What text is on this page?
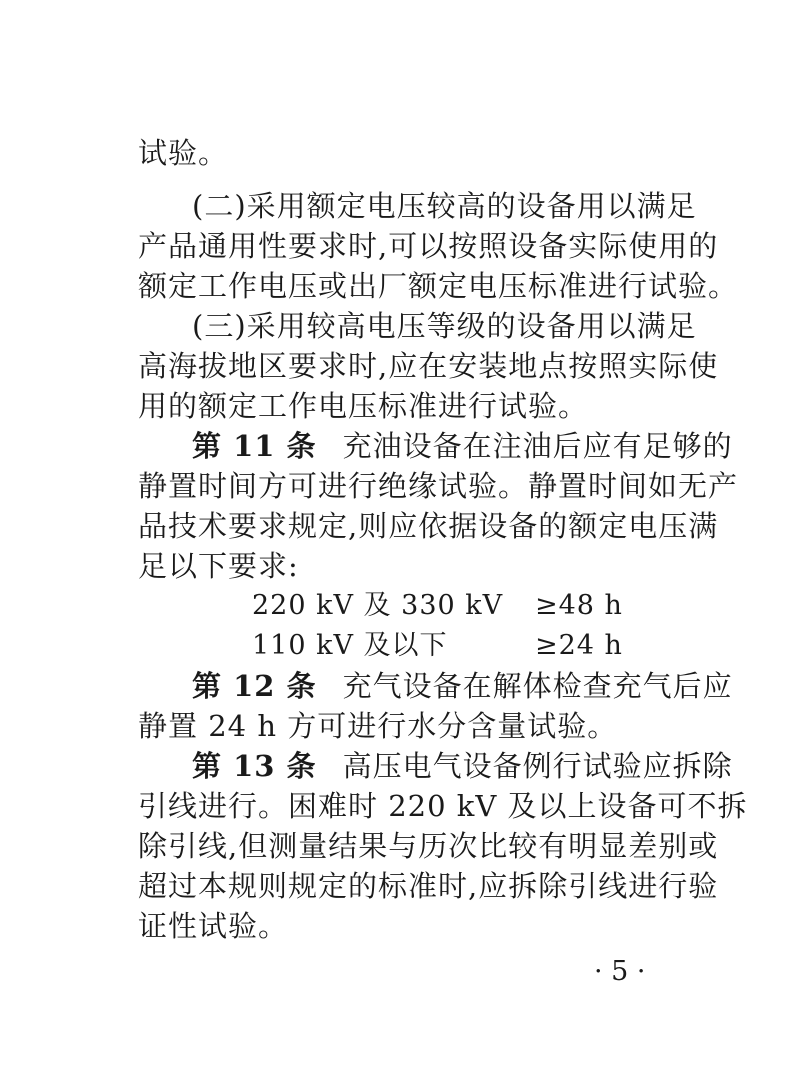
试验。
(二)采用额定电压较高的设备用以满足
产品通用性要求时,可以按照设备实际使用的
额定工作电压或出厂额定电压标准进行试验。
(三)采用较高电压等级的设备用以满足
高海拔地区要求时,应在安装地点按照实际使
用的额定工作电压标准进行试验。
第 11 条 充油设备在注油后应有足够的
静置时间方可进行绝缘试验。静置时间如无产
品技术要求规定,则应依据设备的额定电压满
足以下要求:
220 kV 及 330 kV ≥48 h
110 kV 及以下	≥24 h
第 12 条 充气设备在解体检查充气后应
静置 24 h 方可进行水分含量试验。
第 13 条 高压电气设备例行试验应拆除
引线进行。困难时 220 kV 及以上设备可不拆
除引线,但测量结果与历次比较有明显差别或
超过本规则规定的标准时,应拆除引线进行验
证性试验。
· 5 ·
